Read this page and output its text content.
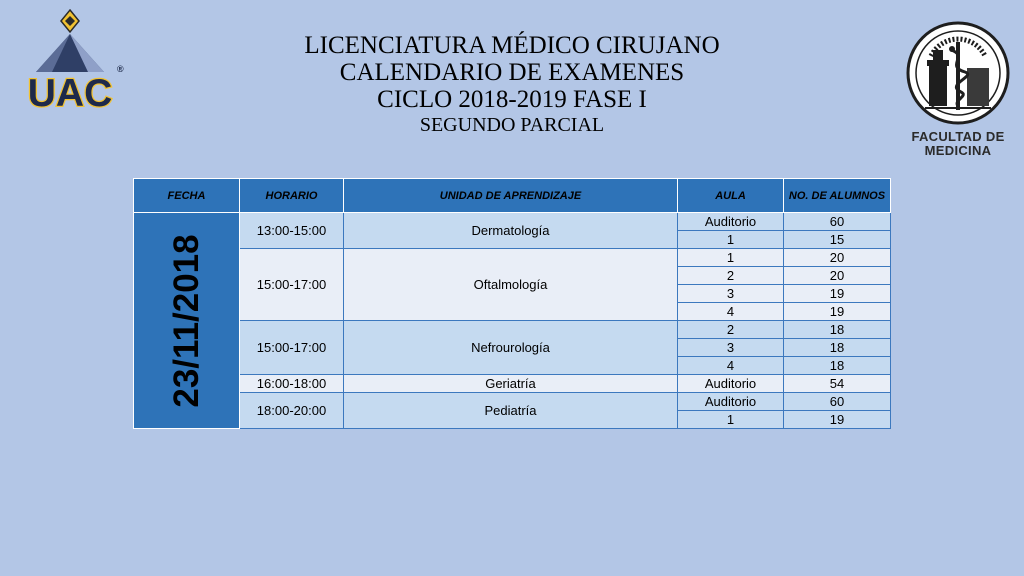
UAC
®
LICENCIATURA MÉDICO CIRUJANO
CALENDARIO DE EXAMENES
CICLO 2018-2019 FASE I
SEGUNDO PARCIAL
FACULTAD DE
MEDICINA
FECHA	HORARIO	UNIDAD DE APRENDIZAJE	AULA	NO. DE ALUMNOS

23/11/2018	13:00-15:00	Dermatología	Auditorio	60
			1	15
	15:00-17:00	Oftalmología	1	20
			2	20
			3	19
			4	19
	15:00-17:00	Nefrourología	2	18
			3	18
			4	18
	16:00-18:00	Geriatría	Auditorio	54
	18:00-20:00	Pediatría	Auditorio	60
			1	19
